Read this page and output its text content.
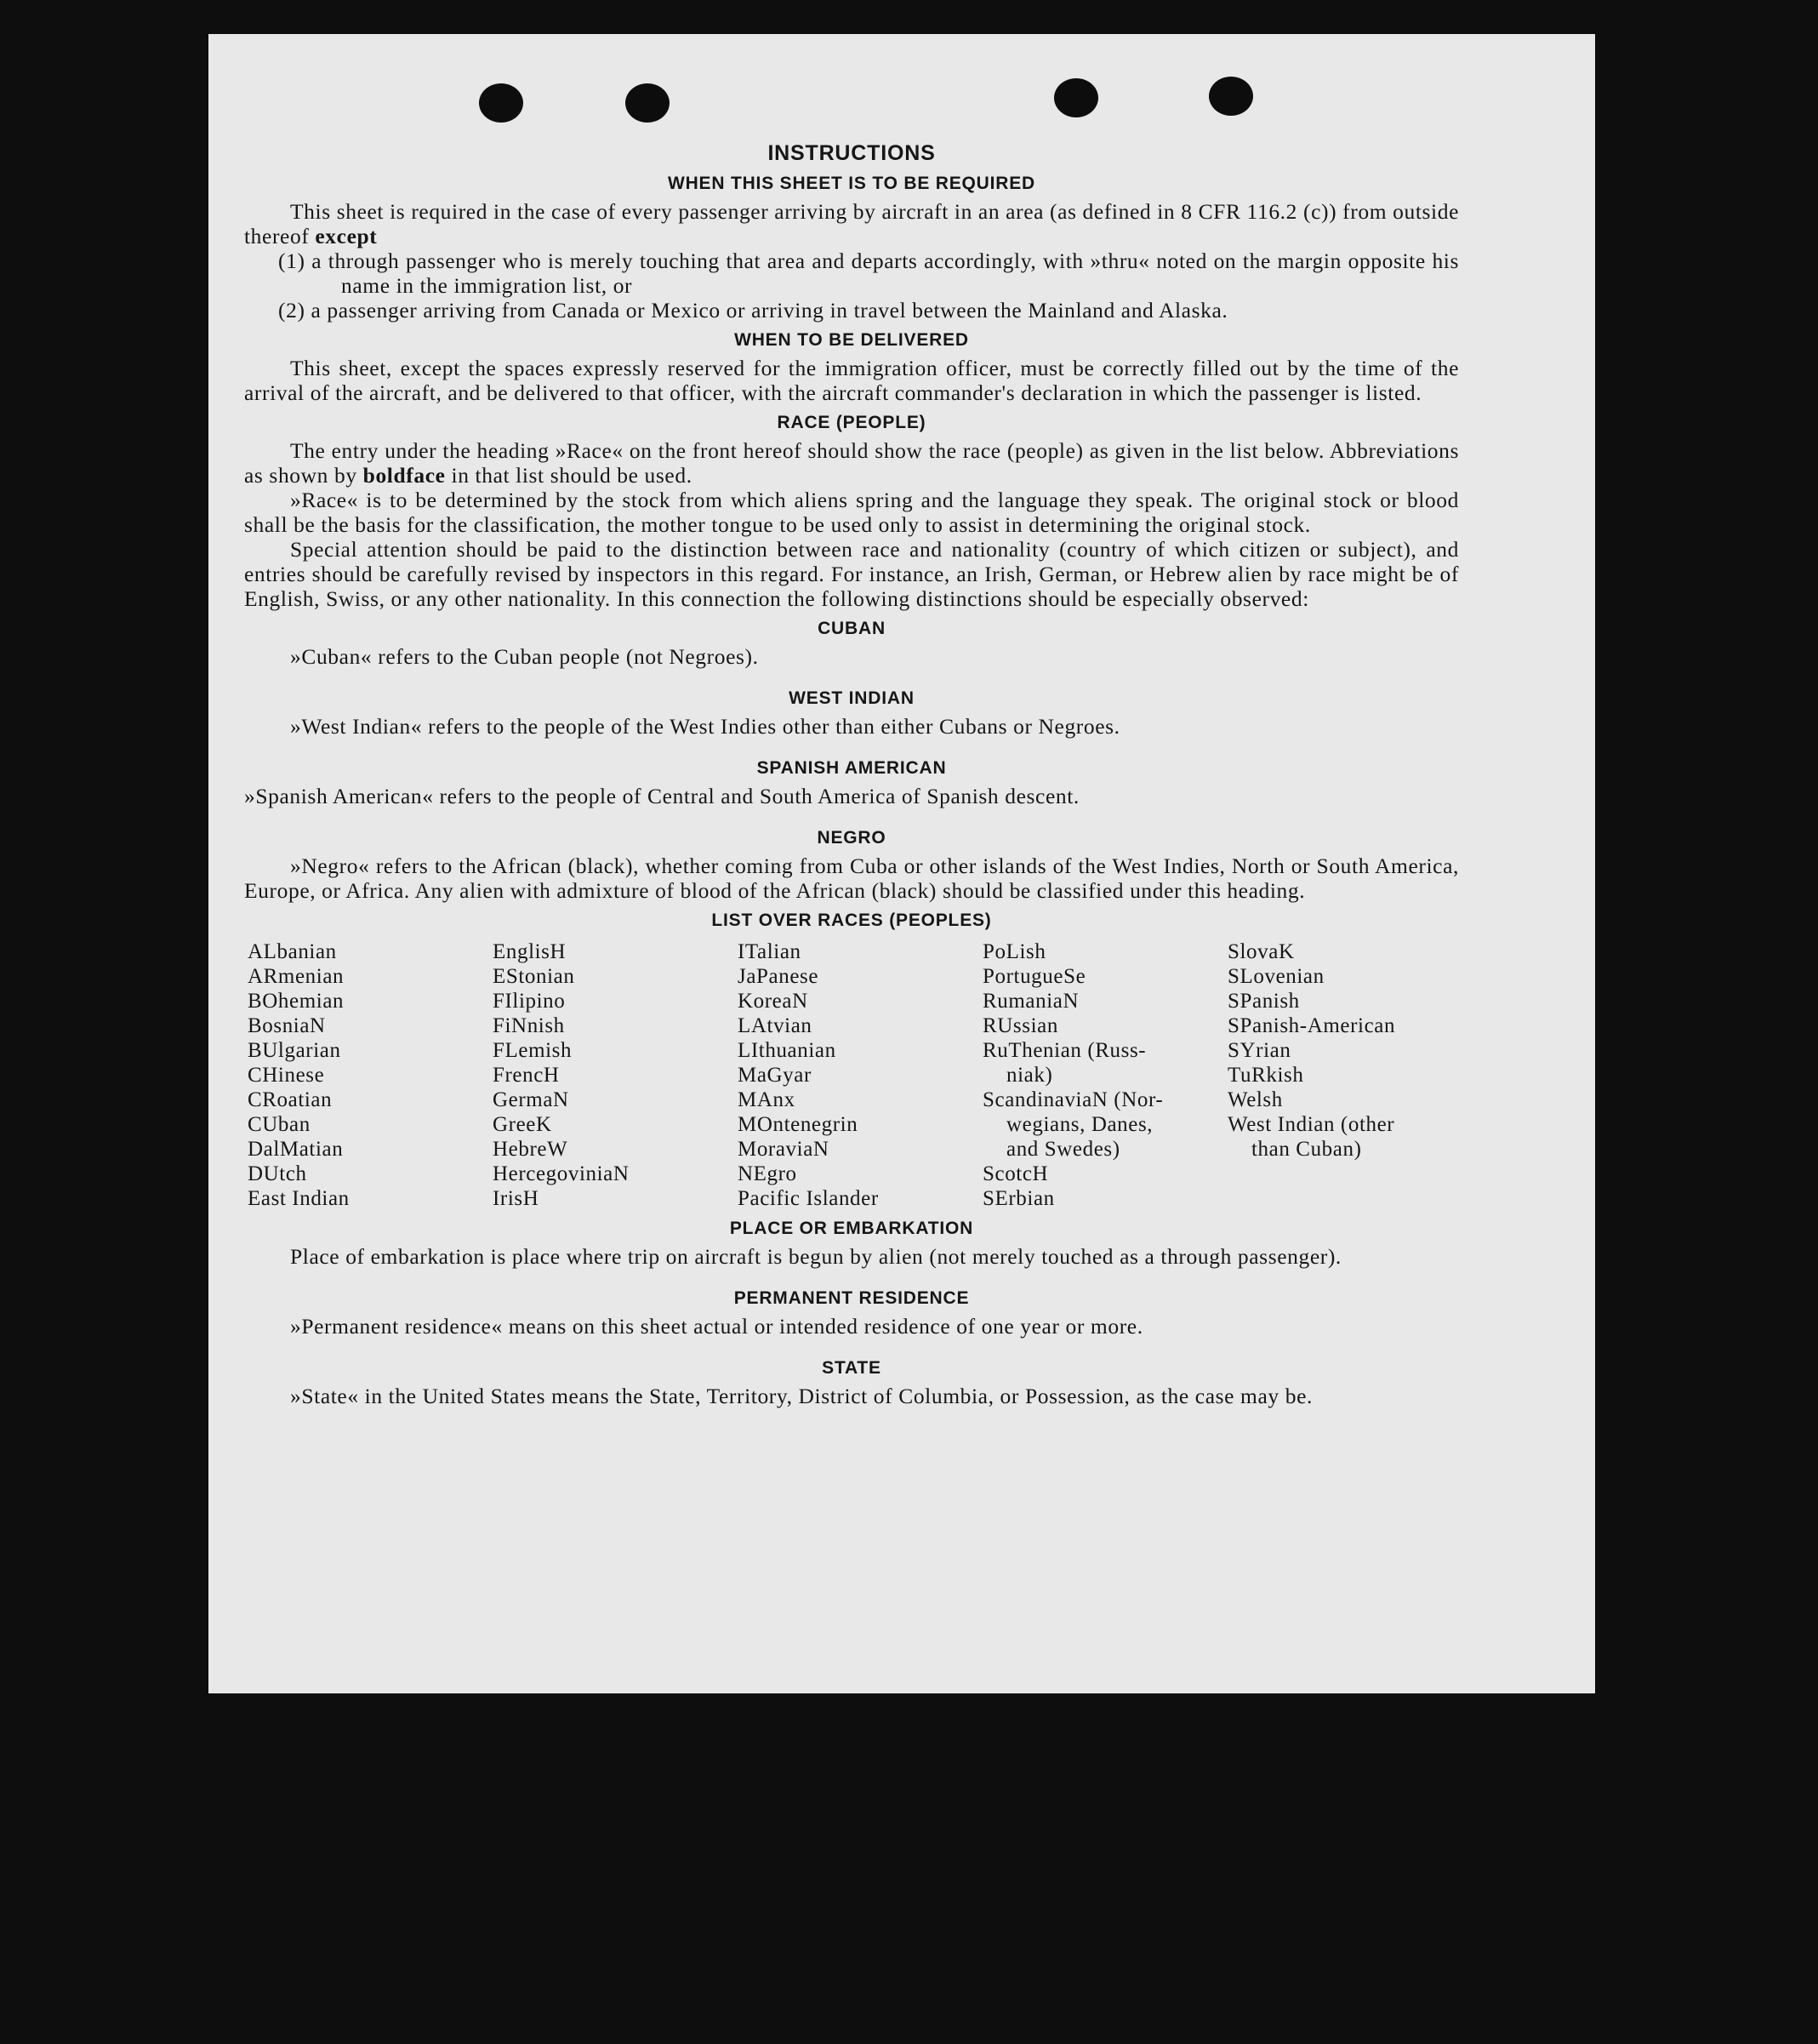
INSTRUCTIONS
WHEN THIS SHEET IS TO BE REQUIRED

This sheet is required in the case of every passenger arriving by aircraft in an area (as defined in 8 CFR 116.2 (c)) from outside thereof except

(1) a through passenger who is merely touching that area and departs accordingly, with »thru« noted on the margin opposite his name in the immigration list, or

(2) a passenger arriving from Canada or Mexico or arriving in travel between the Mainland and Alaska.

WHEN TO BE DELIVERED

This sheet, except the spaces expressly reserved for the immigration officer, must be correctly filled out by the time of the arrival of the aircraft, and be delivered to that officer, with the aircraft commander's declaration in which the passenger is listed.

RACE (PEOPLE)

The entry under the heading »Race« on the front hereof should show the race (people) as given in the list below. Abbreviations as shown by boldface in that list should be used.

»Race« is to be determined by the stock from which aliens spring and the language they speak. The original stock or blood shall be the basis for the classification, the mother tongue to be used only to assist in determining the original stock.

Special attention should be paid to the distinction between race and nationality (country of which citizen or subject), and entries should be carefully revised by inspectors in this regard. For instance, an Irish, German, or Hebrew alien by race might be of English, Swiss, or any other nationality. In this connection the following distinctions should be especially observed:

CUBAN

»Cuban« refers to the Cuban people (not Negroes).

WEST INDIAN

»West Indian« refers to the people of the West Indies other than either Cubans or Negroes.

SPANISH AMERICAN

»Spanish American« refers to the people of Central and South America of Spanish descent.

NEGRO

»Negro« refers to the African (black), whether coming from Cuba or other islands of the West Indies, North or South America, Europe, or Africa. Any alien with admixture of blood of the African (black) should be classified under this heading.

LIST OVER RACES (PEOPLES)
ALbanian
ARmenian
BOhemian
BosniaN
BUlgarian
CHinese
CRoatian
CUban
DalMatian
DUtch
East Indian
EnglisH
EStonian
FIlipino
FiNnish
FLemish
FrencH
GermaN
GreeK
HebreW
HercegovinіaN
IrisH
ITalian
JaPanese
KoreaN
LAtvian
LIthuanian
MaGyar
MAnx
MOntenegrin
MoraviaN
NEgro
Pacific Islander
PoLish
PortugueSe
RumaniaN
RUssian
RuThenian (Russ-
niak)
ScandinaviaN (Nor-
wegians, Danes,
and Swedes)
ScotcH
SErbian
SlovaK
SLovenian
SPanish
SPanish-American
SYrian
TuRkish
Welsh
West Indian (other
than Cuban)
PLACE OR EMBARKATION

Place of embarkation is place where trip on aircraft is begun by alien (not merely touched as a through passenger).

PERMANENT RESIDENCE

»Permanent residence« means on this sheet actual or intended residence of one year or more.

STATE

»State« in the United States means the State, Territory, District of Columbia, or Possession, as the case may be.
